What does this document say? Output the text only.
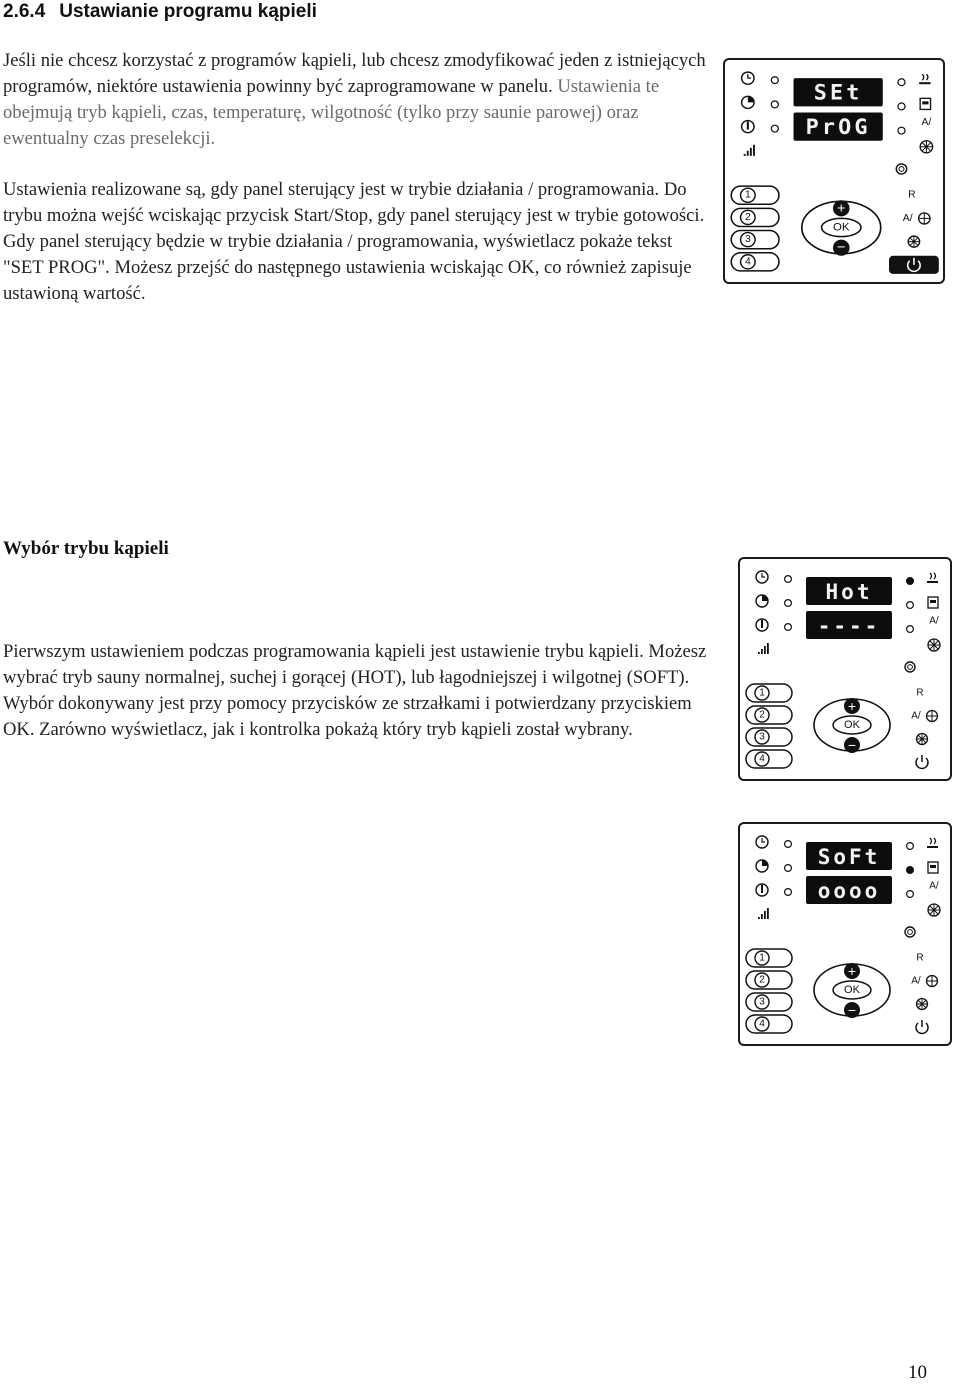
2.6.4 Ustawianie programu kąpieli

Jeśli nie chcesz korzystać z programów kąpieli, lub chcesz zmodyfikować jeden z istniejących programów, niektóre ustawienia powinny być zaprogramowane w panelu. Ustawienia te obejmują tryb kąpieli, czas, temperaturę, wilgotność (tylko przy saunie parowej) oraz ewentualny czas preselekcji.

Ustawienia realizowane są, gdy panel sterujący jest w trybie działania / programowania. Do trybu można wejść wciskając przycisk Start/Stop, gdy panel sterujący jest w trybie gotowości. Gdy panel sterujący będzie w trybie działania / programowania, wyświetlacz pokaże tekst "SET PROG". Możesz przejść do następnego ustawienia wciskając OK, co również zapisuje ustawioną wartość.

Wybór trybu kąpieli

Pierwszym ustawieniem podczas programowania kąpieli jest ustawienie trybu kąpieli. Możesz wybrać tryb sauny normalnej, suchej i gorącej (HOT), lub łagodniejszej i wilgotnej (SOFT). Wybór dokonywany jest przy pomocy przycisków ze strzałkami i potwierdzany przyciskiem OK. Zarówno wyświetlacz, jak i kontrolka pokażą który tryb kąpieli został wybrany.

SEt
PrOG	A/
1
2
3
4
+
−
OK
R
A/
Hot
----	A/
1
2
3
4
+
−
OK
R
A/
SoFt
oooo	A/
1
2
3
4
+
−
OK
R
A/
10
